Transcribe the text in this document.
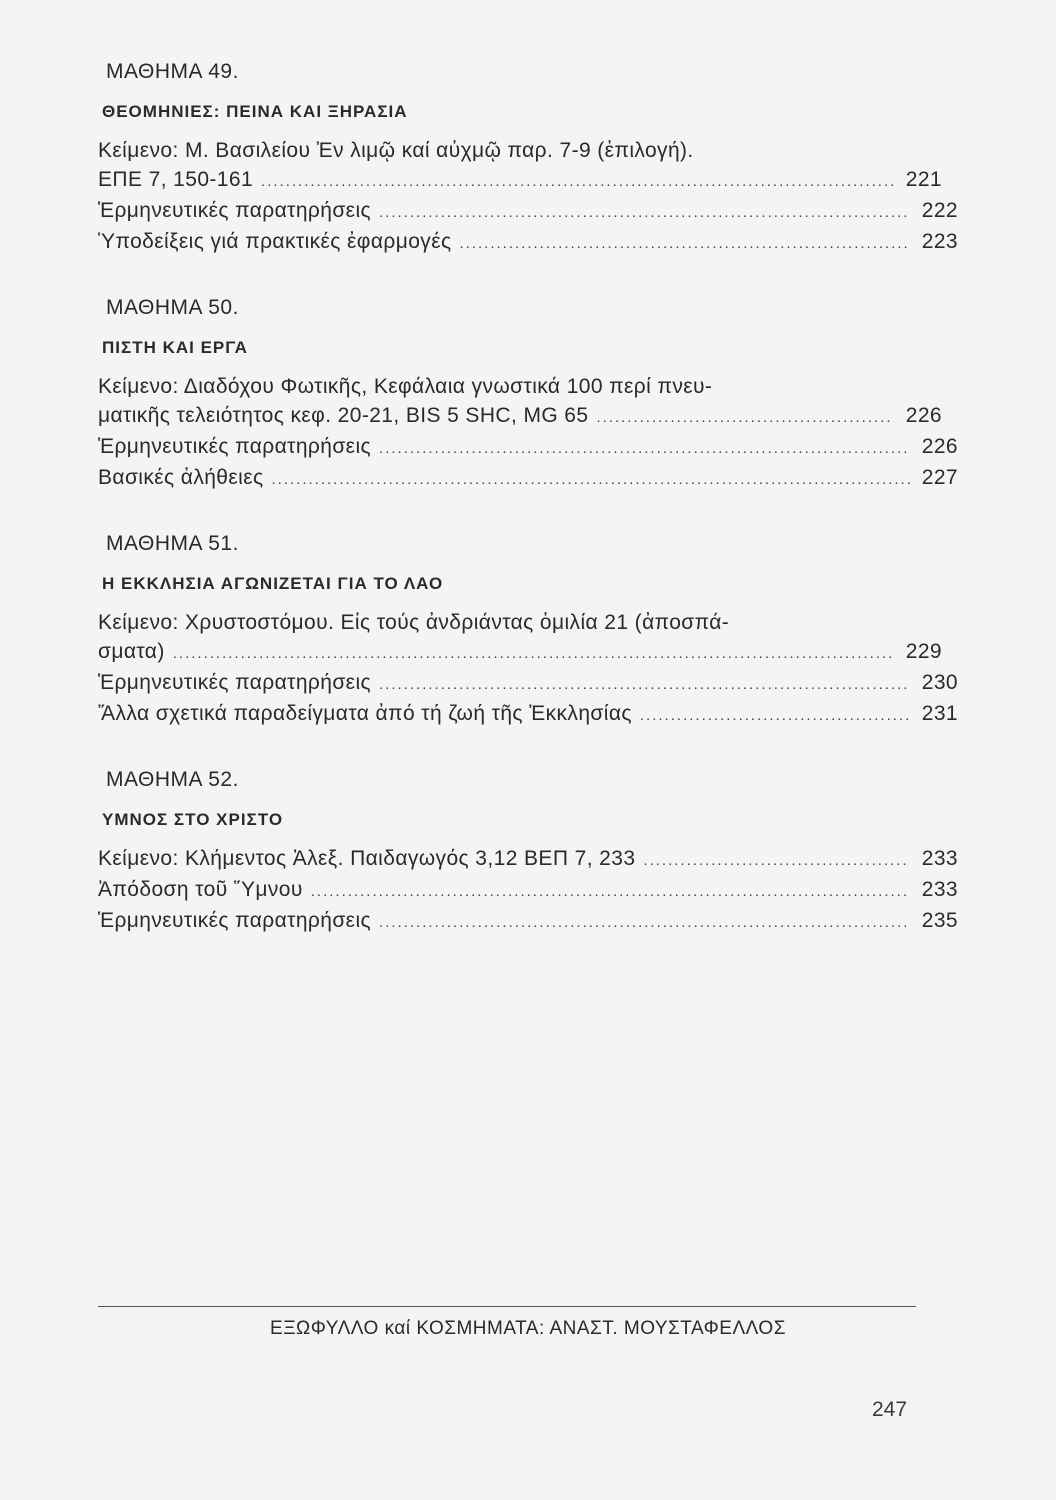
ΜΑΘΗΜΑ 49.
ΘΕΟΜΗΝΙΕΣ: ΠΕΙΝΑ ΚΑΙ ΞΗΡΑΣΙΑ
Κείμενο: Μ. Βασιλείου Ἐν λιμῷ καί αὐχμῷ παρ. 7-9 (ἐπιλογή).
ΕΠΕ 7, 150-161 .....	221
Ἑρμηνευτικές παρατηρήσεις .....	222
Ὑποδείξεις γιά πρακτικές ἐφαρμογές .....	223
ΜΑΘΗΜΑ 50.
ΠΙΣΤΗ ΚΑΙ ΕΡΓΑ
Κείμενο: Διαδόχου Φωτικῆς, Κεφάλαια γνωστικά 100 περί πνευ-
ματικῆς τελειότητος κεφ. 20-21, BIS 5 SHC, MG 65 .....	226
Ἑρμηνευτικές παρατηρήσεις .....	226
Βασικές ἀλήθειες .....	227
ΜΑΘΗΜΑ 51.
Η ΕΚΚΛΗΣΙΑ ΑΓΩΝΙΖΕΤΑΙ ΓΙΑ ΤΟ ΛΑΟ
Κείμενο: Χρυστοστόμου. Εἰς τούς ἀνδριάντας ὁμιλία 21 (ἀποσπά-
σματα) .....	229
Ἑρμηνευτικές παρατηρήσεις .....	230
Ἄλλα σχετικά παραδείγματα ἀπό τή ζωή τῆς Ἐκκλησίας .....	231
ΜΑΘΗΜΑ 52.
ΥΜΝΟΣ ΣΤΟ ΧΡΙΣΤΟ
Κείμενο: Κλήμεντος Ἀλεξ. Παιδαγωγός 3,12 ΒΕΠ 7, 233 .....	233
Ἀπόδοση τοῦ Ὕμνου .....	233
Ἑρμηνευτικές παρατηρήσεις .....	235
ΕΞΩΦΥΛΛΟ καί ΚΟΣΜΗΜΑΤΑ: ΑΝΑΣΤ. ΜΟΥΣΤΑΦΕΛΛΟΣ
247
